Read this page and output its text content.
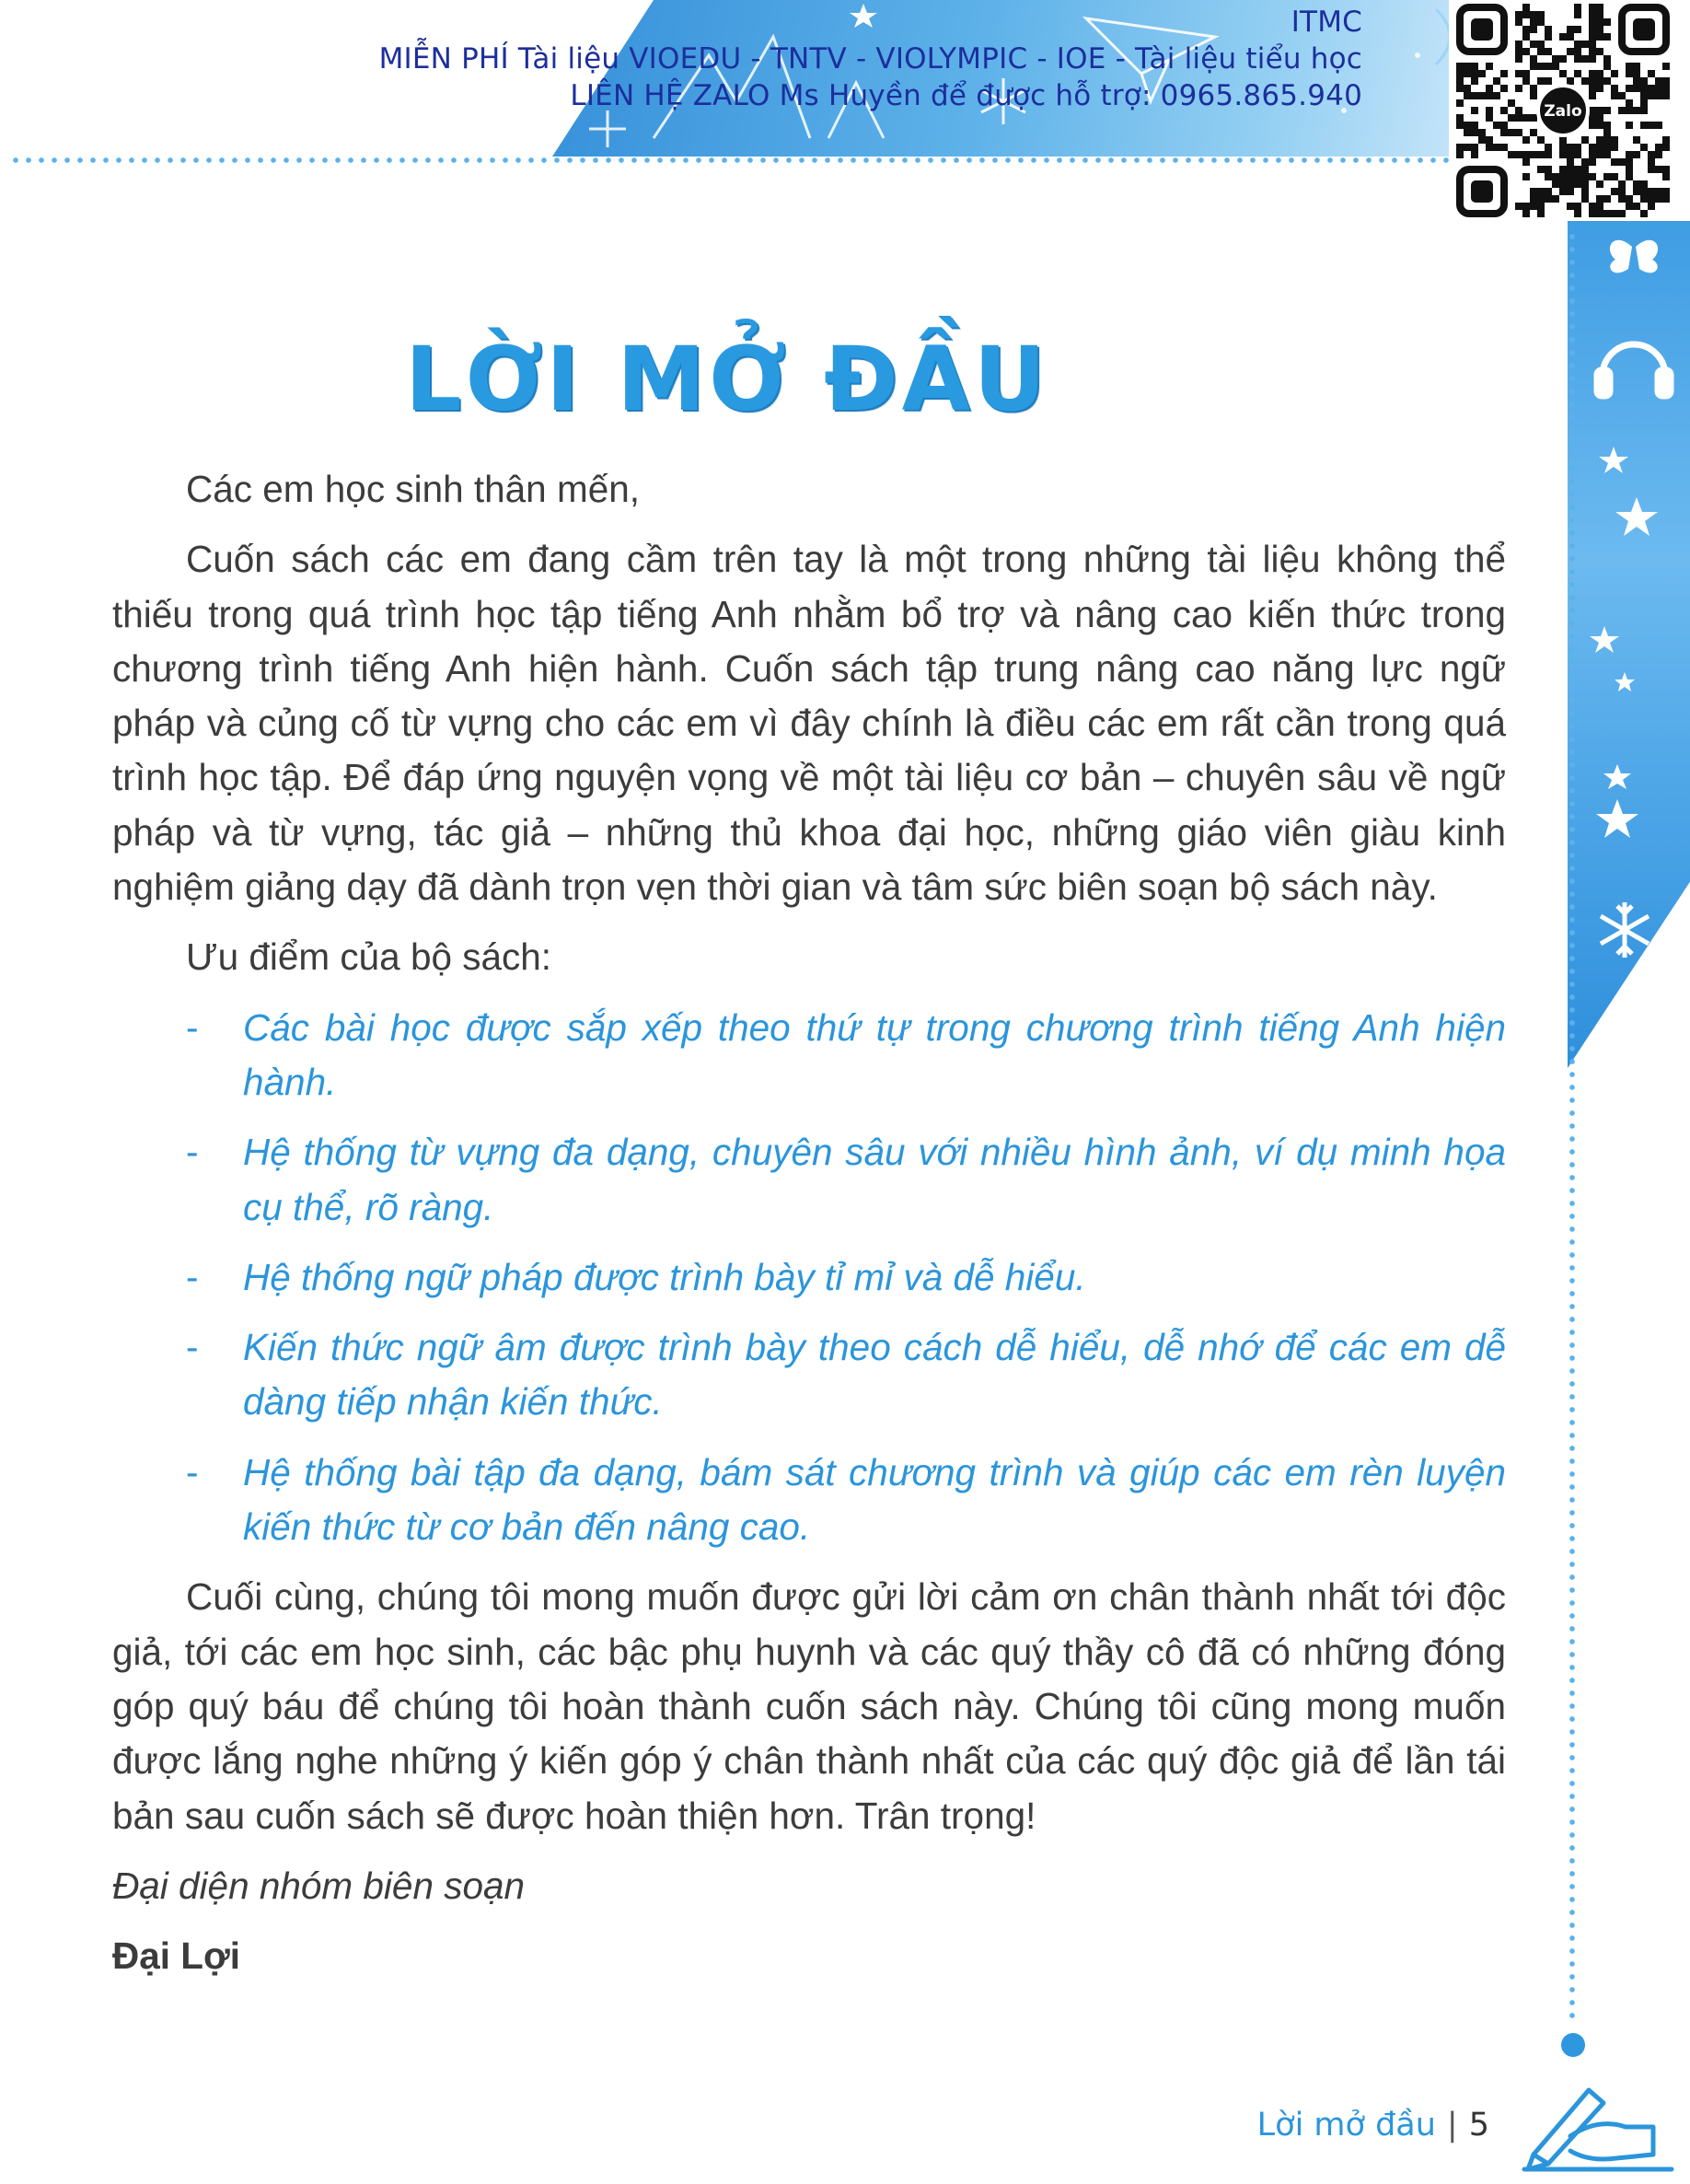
ITMC
MIỄN PHÍ Tài liệu VIOEDU - TNTV - VIOLYMPIC - IOE - Tài liệu tiểu học
LIÊN HỆ ZALO Ms Huyền để được hỗ trợ: 0965.865.940	Zalo
LỜI MỞ ĐẦU

Các em học sinh thân mến,

Cuốn sách các em đang cầm trên tay là một trong những tài liệu không thể thiếu trong quá trình học tập tiếng Anh nhằm bổ trợ và nâng cao kiến thức trong chương trình tiếng Anh hiện hành. Cuốn sách tập trung nâng cao năng lực ngữ pháp và củng cố từ vựng cho các em vì đây chính là điều các em rất cần trong quá trình học tập. Để đáp ứng nguyện vọng về một tài liệu cơ bản – chuyên sâu về ngữ pháp và từ vựng, tác giả – những thủ khoa đại học, những giáo viên giàu kinh nghiệm giảng dạy đã dành trọn vẹn thời gian và tâm sức biên soạn bộ sách này.

Ưu điểm của bộ sách:

- Các bài học được sắp xếp theo thứ tự trong chương trình tiếng Anh hiện hành.
- Hệ thống từ vựng đa dạng, chuyên sâu với nhiều hình ảnh, ví dụ minh họa cụ thể, rõ ràng.
- Hệ thống ngữ pháp được trình bày tỉ mỉ và dễ hiểu.
- Kiến thức ngữ âm được trình bày theo cách dễ hiểu, dễ nhớ để các em dễ dàng tiếp nhận kiến thức.
- Hệ thống bài tập đa dạng, bám sát chương trình và giúp các em rèn luyện kiến thức từ cơ bản đến nâng cao.

Cuối cùng, chúng tôi mong muốn được gửi lời cảm ơn chân thành nhất tới độc giả, tới các em học sinh, các bậc phụ huynh và các quý thầy cô đã có những đóng góp quý báu để chúng tôi hoàn thành cuốn sách này. Chúng tôi cũng mong muốn được lắng nghe những ý kiến góp ý chân thành nhất của các quý độc giả để lần tái bản sau cuốn sách sẽ được hoàn thiện hơn. Trân trọng!

Đại diện nhóm biên soạn

Đại Lợi

Lời mở đầu | 5
